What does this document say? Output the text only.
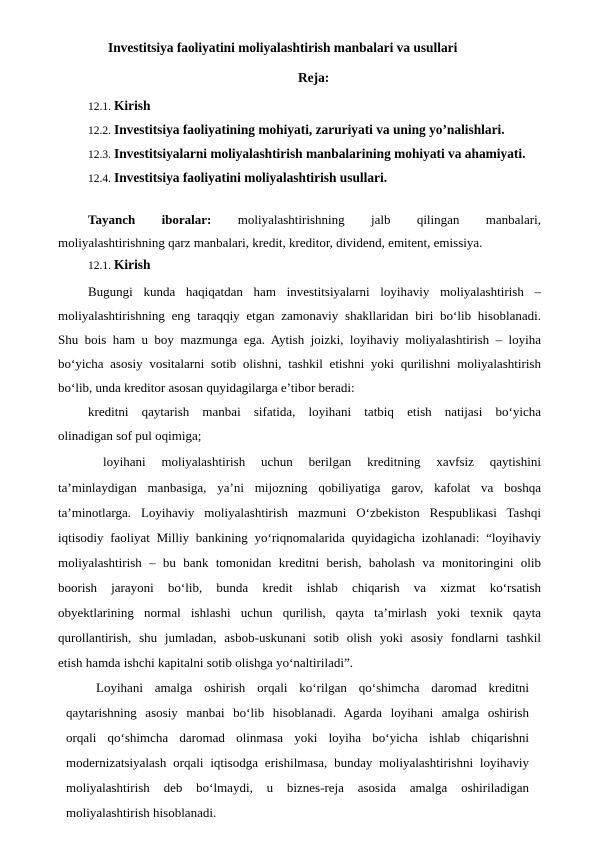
Investitsiya faoliyatini moliyalashtirish manbalari va usullari
Reja:
12.1. Kirish
12.2. Investitsiya faoliyatining mohiyati, zaruriyati va uning yo’nalishlari.
12.3. Investitsiyalarni moliyalashtirish manbalarining mohiyati va ahamiyati.
12.4. Investitsiya faoliyatini moliyalashtirish usullari.
Tayanch iboralar: moliyalashtirishning jalb qilingan manbalari,
moliyalashtirishning qarz manbalari, kredit, kreditor, dividend, emitent, emissiya.
12.1. Kirish
Bugungi kunda haqiqatdan ham investitsiyalarni loyihaviy moliyalashtirish –
moliyalashtirishning eng taraqqiy etgan zamonaviy shakllaridan biri bo‘lib hisoblanadi.
Shu bois ham u boy mazmunga ega. Aytish joizki, loyihaviy moliyalashtirish – loyiha
bo‘yicha asosiy vositalarni sotib olishni, tashkil etishni yoki qurilishni moliyalashtirish
bo‘lib, unda kreditor asosan quyidagilarga e’tibor beradi:
kreditni qaytarish manbai sifatida, loyihani tatbiq etish natijasi bo‘yicha
olinadigan sof pul oqimiga;
loyihani moliyalashtirish uchun berilgan kreditning xavfsiz qaytishini
ta’minlaydigan manbasiga, ya’ni mijozning qobiliyatiga garov, kafolat va boshqa
ta’minotlarga. Loyihaviy moliyalashtirish mazmuni O‘zbekiston Respublikasi Tashqi
iqtisodiy faoliyat Milliy bankining yo‘riqnomalarida quyidagicha izohlanadi: “loyihaviy
moliyalashtirish – bu bank tomonidan kreditni berish, baholash va monitoringini olib
boorish jarayoni bo‘lib, bunda kredit ishlab chiqarish va xizmat ko‘rsatish
obyektlarining normal ishlashi uchun qurilish, qayta ta’mirlash yoki texnik qayta
qurollantirish, shu jumladan, asbob-uskunani sotib olish yoki asosiy fondlarni tashkil
etish hamda ishchi kapitalni sotib olishga yo‘naltiriladi”.
Loyihani amalga oshirish orqali ko‘rilgan qo‘shimcha daromad kreditni
qaytarishning asosiy manbai bo‘lib hisoblanadi. Agarda loyihani amalga oshirish
orqali qo‘shimcha daromad olinmasa yoki loyiha bo‘yicha ishlab chiqarishni
modernizatsiyalash orqali iqtisodga erishilmasa, bunday moliyalashtirishni loyihaviy
moliyalashtirish deb bo‘lmaydi, u biznes-reja asosida amalga oshiriladigan
moliyalashtirish hisoblanadi.
